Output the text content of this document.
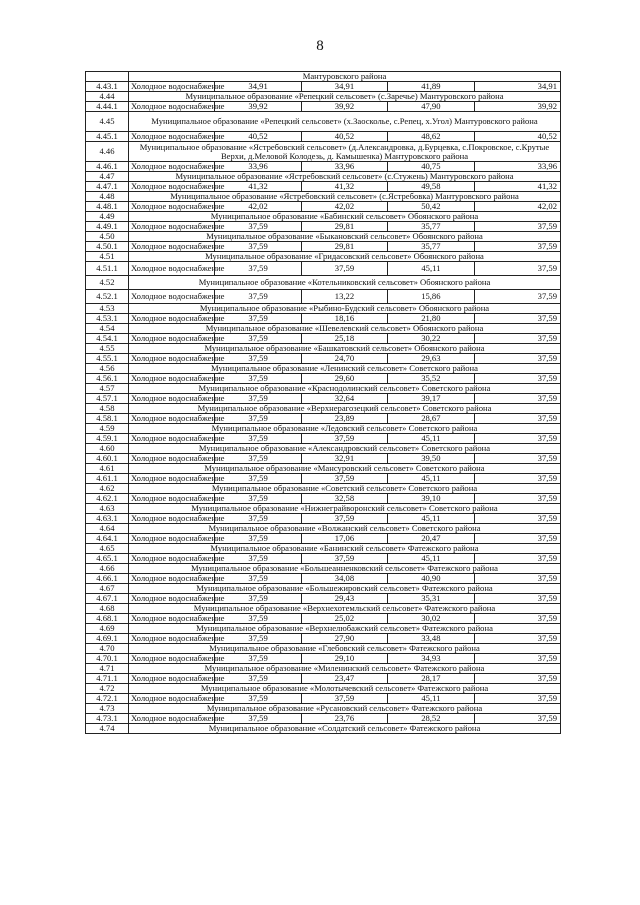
8
	Мантуровского района				
4.43.1	Холодное водоснабжение	34,91	34,91	41,89	34,91
4.44	Муниципальное образование «Репецкий сельсовет» (с.Заречье) Мантуровского района				
4.44.1	Холодное водоснабжение	39,92	39,92	47,90	39,92
4.45	Муниципальное образование «Репецкий сельсовет» (х.Заосколье, с.Репец, х.Угол) Мантуровского района				
4.45.1	Холодное водоснабжение	40,52	40,52	48,62	40,52
4.46	Муниципальное образование «Ястребовский сельсовет» (д.Александровка, д.Бурцевка, с.Покровское, с.Крутые Верхи, д.Меловой Колодезь, д. Камышенка) Мантуровского района				
4.46.1	Холодное водоснабжение	33,96	33,96	40,75	33,96
4.47	Муниципальное образование «Ястребовский сельсовет» (с.Стужень) Мантуровского района				
4.47.1	Холодное водоснабжение	41,32	41,32	49,58	41,32
4.48	Муниципальное образование «Ястребовский сельсовет» (с.Ястребовка) Мантуровского района				
4.48.1	Холодное водоснабжение	42,02	42,02	50,42	42,02
4.49	Муниципальное образование «Бабинский сельсовет» Обоянского района				
4.49.1	Холодное водоснабжение	37,59	29,81	35,77	37,59
4.50	Муниципальное образование «Быкановский сельсовет» Обоянского района				
4.50.1	Холодное водоснабжение	37,59	29,81	35,77	37,59
4.51	Муниципальное образование «Гридасовский сельсовет» Обоянского района				
4.51.1	Холодное водоснабжение	37,59	37,59	45,11	37,59
4.52	Муниципальное образование «Котельниковский сельсовет» Обоянского района				
4.52.1	Холодное водоснабжение	37,59	13,22	15,86	37,59
4.53	Муниципальное образование «Рыбино-Будский сельсовет» Обоянского района				
4.53.1	Холодное водоснабжение	37,59	18,16	21,80	37,59
4.54	Муниципальное образование «Шевелевский сельсовет» Обоянского района				
4.54.1	Холодное водоснабжение	37,59	25,18	30,22	37,59
4.55	Муниципальное образование «Башкатовский сельсовет» Обоянского района				
4.55.1	Холодное водоснабжение	37,59	24,70	29,63	37,59
4.56	Муниципальное образование «Ленинский сельсовет» Советского района				
4.56.1	Холодное водоснабжение	37,59	29,60	35,52	37,59
4.57	Муниципальное образование «Краснодолинский сельсовет» Советского района				
4.57.1	Холодное водоснабжение	37,59	32,64	39,17	37,59
4.58	Муниципальное образование «Верхнерагозецкий сельсовет» Советского района				
4.58.1	Холодное водоснабжение	37,59	23,89	28,67	37,59
4.59	Муниципальное образование «Ледовский сельсовет» Советского района				
4.59.1	Холодное водоснабжение	37,59	37,59	45,11	37,59
4.60	Муниципальное образование «Александровский сельсовет» Советского района				
4.60.1	Холодное водоснабжение	37,59	32,91	39,50	37,59
4.61	Муниципальное образование «Мансуровский сельсовет» Советского района				
4.61.1	Холодное водоснабжение	37,59	37,59	45,11	37,59
4.62	Муниципальное образование «Советский сельсовет» Советского района				
4.62.1	Холодное водоснабжение	37,59	32,58	39,10	37,59
4.63	Муниципальное образование «Нижнеграйворонский сельсовет» Советского района				
4.63.1	Холодное водоснабжение	37,59	37,59	45,11	37,59
4.64	Муниципальное образование «Волжанский сельсовет» Советского района				
4.64.1	Холодное водоснабжение	37,59	17,06	20,47	37,59
4.65	Муниципальное образование «Банинский сельсовет» Фатежского района				
4.65.1	Холодное водоснабжение	37,59	37,59	45,11	37,59
4.66	Муниципальное образование «Большеанненковский сельсовет» Фатежского района				
4.66.1	Холодное водоснабжение	37,59	34,08	40,90	37,59
4.67	Муниципальное образование «Большежировский сельсовет» Фатежского района				
4.67.1	Холодное водоснабжение	37,59	29,43	35,31	37,59
4.68	Муниципальное образование «Верхнехотемльский сельсовет» Фатежского района				
4.68.1	Холодное водоснабжение	37,59	25,02	30,02	37,59
4.69	Муниципальное образование «Верхнелюбажский сельсовет» Фатежского района				
4.69.1	Холодное водоснабжение	37,59	27,90	33,48	37,59
4.70	Муниципальное образование «Глебовский сельсовет» Фатежского района				
4.70.1	Холодное водоснабжение	37,59	29,10	34,93	37,59
4.71	Муниципальное образование «Миленинский сельсовет» Фатежского района				
4.71.1	Холодное водоснабжение	37,59	23,47	28,17	37,59
4.72	Муниципальное образование «Молотычевский сельсовет» Фатежского района				
4.72.1	Холодное водоснабжение	37,59	37,59	45,11	37,59
4.73	Муниципальное образование «Русановский сельсовет» Фатежского района				
4.73.1	Холодное водоснабжение	37,59	23,76	28,52	37,59
4.74	Муниципальное образование «Солдатский сельсовет» Фатежского района				
